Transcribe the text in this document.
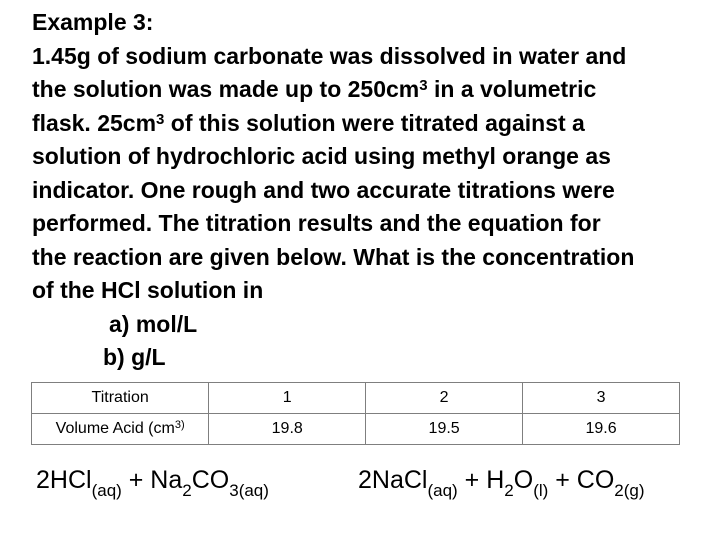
Example 3:
1.45g of sodium carbonate was dissolved in water and
the solution was made up to $250cm^3$ in a volumetric
flask. $25cm^3$ of this solution were titrated against a
solution of hydrochloric acid using methyl orange as
indicator. One rough and two accurate titrations were
performed. The titration results and the equation for
the reaction are given below. What is the concentration
of the HCl solution in
a) mol/L
b) g/L
Titration	1	2	3
Volume Acid ($cm^{3)}$	19.8	19.5	19.6
$2HCl_{(aq)} + Na_2CO_{3(aq)}$	2NaCl$_{(aq)}$ + $H_2O_{(l)} + CO_{2(g)}$
